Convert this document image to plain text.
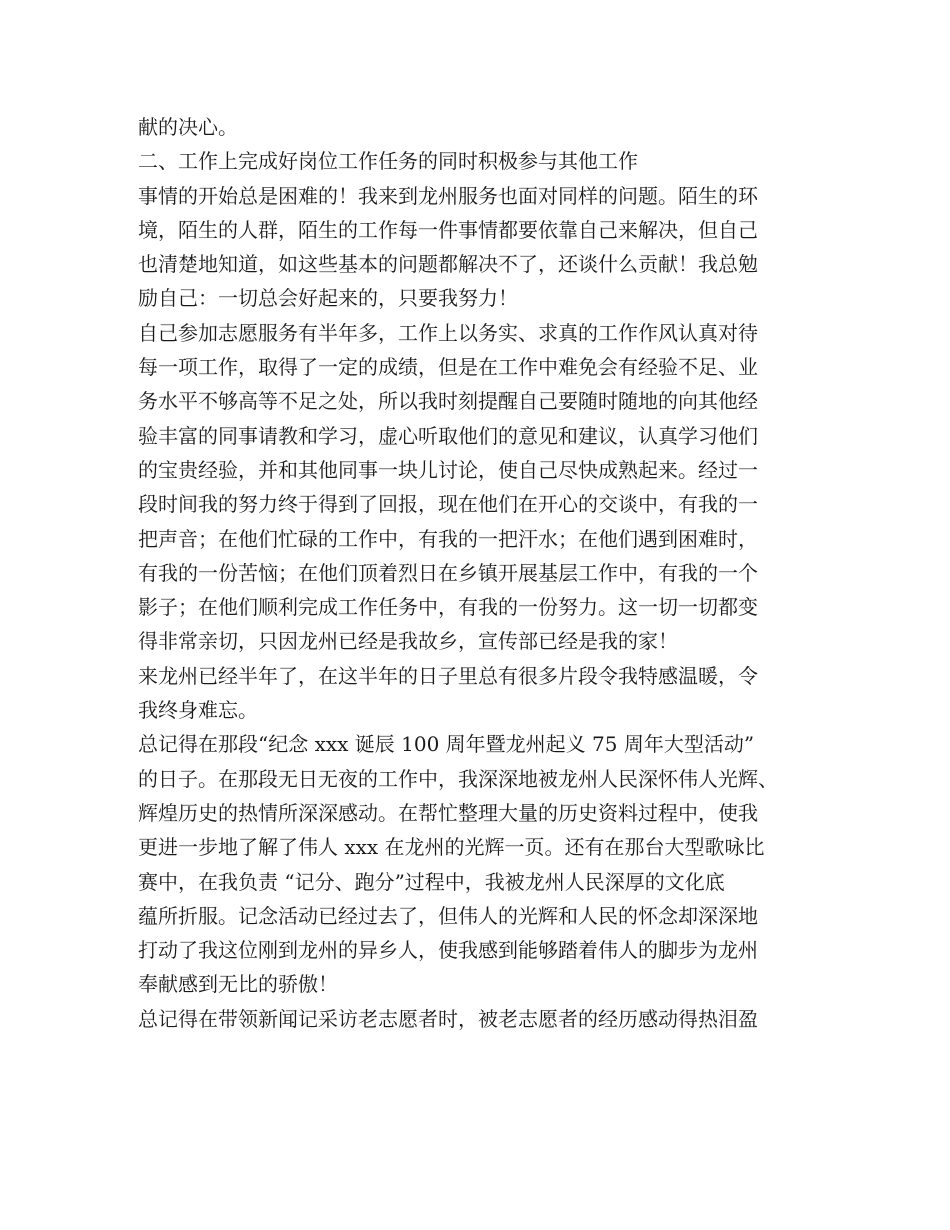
献的决心。
二、工作上完成好岗位工作任务的同时积极参与其他工作
事情的开始总是困难的！我来到龙州服务也面对同样的问题。陌生的环
境，陌生的人群，陌生的工作每一件事情都要依靠自己来解决，但自己
也清楚地知道，如这些基本的问题都解决不了，还谈什么贡献！我总勉
励自己：一切总会好起来的，只要我努力！
自己参加志愿服务有半年多，工作上以务实、求真的工作作风认真对待
每一项工作，取得了一定的成绩，但是在工作中难免会有经验不足、业
务水平不够高等不足之处，所以我时刻提醒自己要随时随地的向其他经
验丰富的同事请教和学习，虚心听取他们的意见和建议，认真学习他们
的宝贵经验，并和其他同事一块儿讨论，使自己尽快成熟起来。经过一
段时间我的努力终于得到了回报，现在他们在开心的交谈中，有我的一
把声音；在他们忙碌的工作中，有我的一把汗水；在他们遇到困难时，
有我的一份苦恼；在他们顶着烈日在乡镇开展基层工作中，有我的一个
影子；在他们顺利完成工作任务中，有我的一份努力。这一切一切都变
得非常亲切，只因龙州已经是我故乡，宣传部已经是我的家！
来龙州已经半年了，在这半年的日子里总有很多片段令我特感温暖，令
我终身难忘。
总记得在那段“纪念 xxx 诞辰 100 周年暨龙州起义 75 周年大型活动”
的日子。在那段无日无夜的工作中，我深深地被龙州人民深怀伟人光辉、
辉煌历史的热情所深深感动。在帮忙整理大量的历史资料过程中，使我
更进一步地了解了伟人 xxx 在龙州的光辉一页。还有在那台大型歌咏比
赛中，在我负责 “记分、跑分”过程中，我被龙州人民深厚的文化底
蕴所折服。记念活动已经过去了，但伟人的光辉和人民的怀念却深深地
打动了我这位刚到龙州的异乡人，使我感到能够踏着伟人的脚步为龙州
奉献感到无比的骄傲！
总记得在带领新闻记采访老志愿者时，被老志愿者的经历感动得热泪盈
